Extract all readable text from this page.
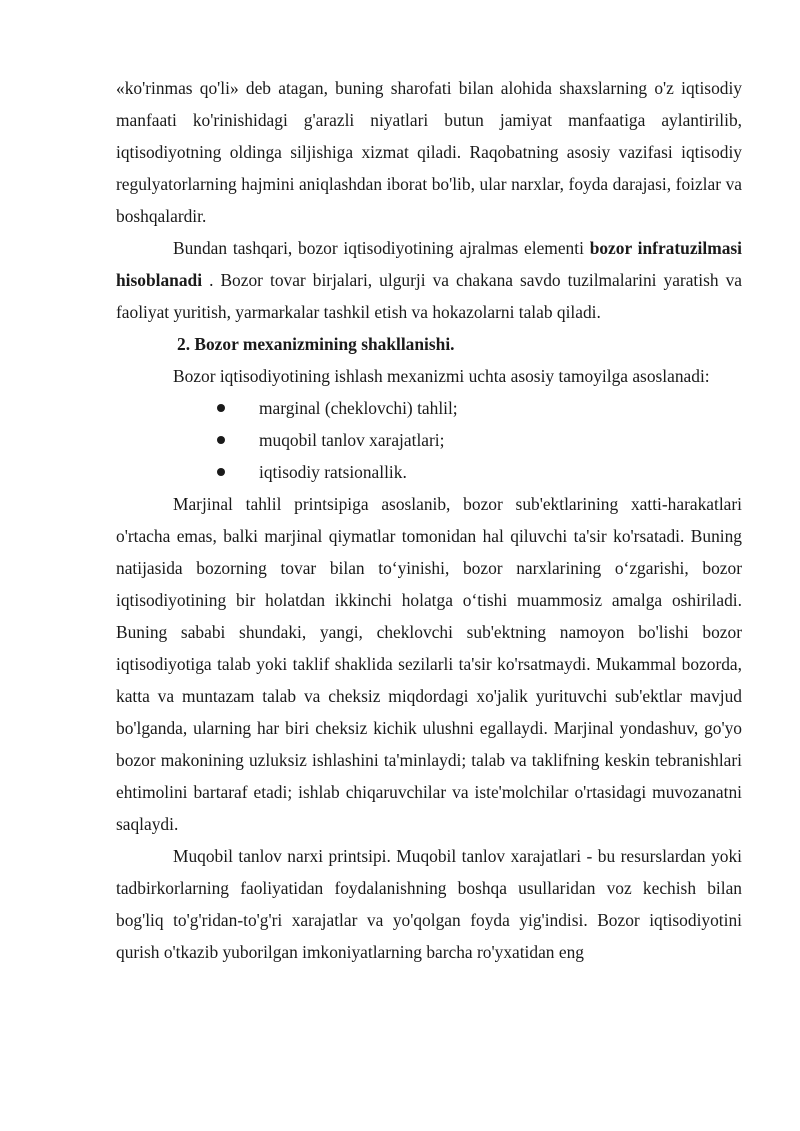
«ko'rinmas qo'li» deb atagan, buning sharofati bilan alohida shaxslarning o'z iqtisodiy manfaati ko'rinishidagi g'arazli niyatlari butun jamiyat manfaatiga aylantirilib, iqtisodiyotning oldinga siljishiga xizmat qiladi. Raqobatning asosiy vazifasi iqtisodiy regulyatorlarning hajmini aniqlashdan iborat bo'lib, ular narxlar, foyda darajasi, foizlar va boshqalardir.

Bundan tashqari, bozor iqtisodiyotining ajralmas elementi bozor infratuzilmasi hisoblanadi . Bozor tovar birjalari, ulgurji va chakana savdo tuzilmalarini yaratish va faoliyat yuritish, yarmarkalar tashkil etish va hokazolarni talab qiladi.

2. Bozor mexanizmining shakllanishi.

Bozor iqtisodiyotining ishlash mexanizmi uchta asosiy tamoyilga asoslanadi:

marginal (cheklovchi) tahlil;
muqobil tanlov xarajatlari;
iqtisodiy ratsionallik.

Marjinal tahlil printsipiga asoslanib, bozor sub'ektlarining xatti-harakatlari o'rtacha emas, balki marjinal qiymatlar tomonidan hal qiluvchi ta'sir ko'rsatadi. Buning natijasida bozorning tovar bilan to‘yinishi, bozor narxlarining o‘zgarishi, bozor iqtisodiyotining bir holatdan ikkinchi holatga o‘tishi muammosiz amalga oshiriladi. Buning sababi shundaki, yangi, cheklovchi sub'ektning namoyon bo'lishi bozor iqtisodiyotiga talab yoki taklif shaklida sezilarli ta'sir ko'rsatmaydi. Mukammal bozorda, katta va muntazam talab va cheksiz miqdordagi xo'jalik yurituvchi sub'ektlar mavjud bo'lganda, ularning har biri cheksiz kichik ulushni egallaydi. Marjinal yondashuv, go'yo bozor makonining uzluksiz ishlashini ta'minlaydi; talab va taklifning keskin tebranishlari ehtimolini bartaraf etadi; ishlab chiqaruvchilar va iste'molchilar o'rtasidagi muvozanatni saqlaydi.

Muqobil tanlov narxi printsipi. Muqobil tanlov xarajatlari - bu resurslardan yoki tadbirkorlarning faoliyatidan foydalanishning boshqa usullaridan voz kechish bilan bog'liq to'g'ridan-to'g'ri xarajatlar va yo'qolgan foyda yig'indisi. Bozor iqtisodiyotini qurish o'tkazib yuborilgan imkoniyatlarning barcha ro'yxatidan eng
